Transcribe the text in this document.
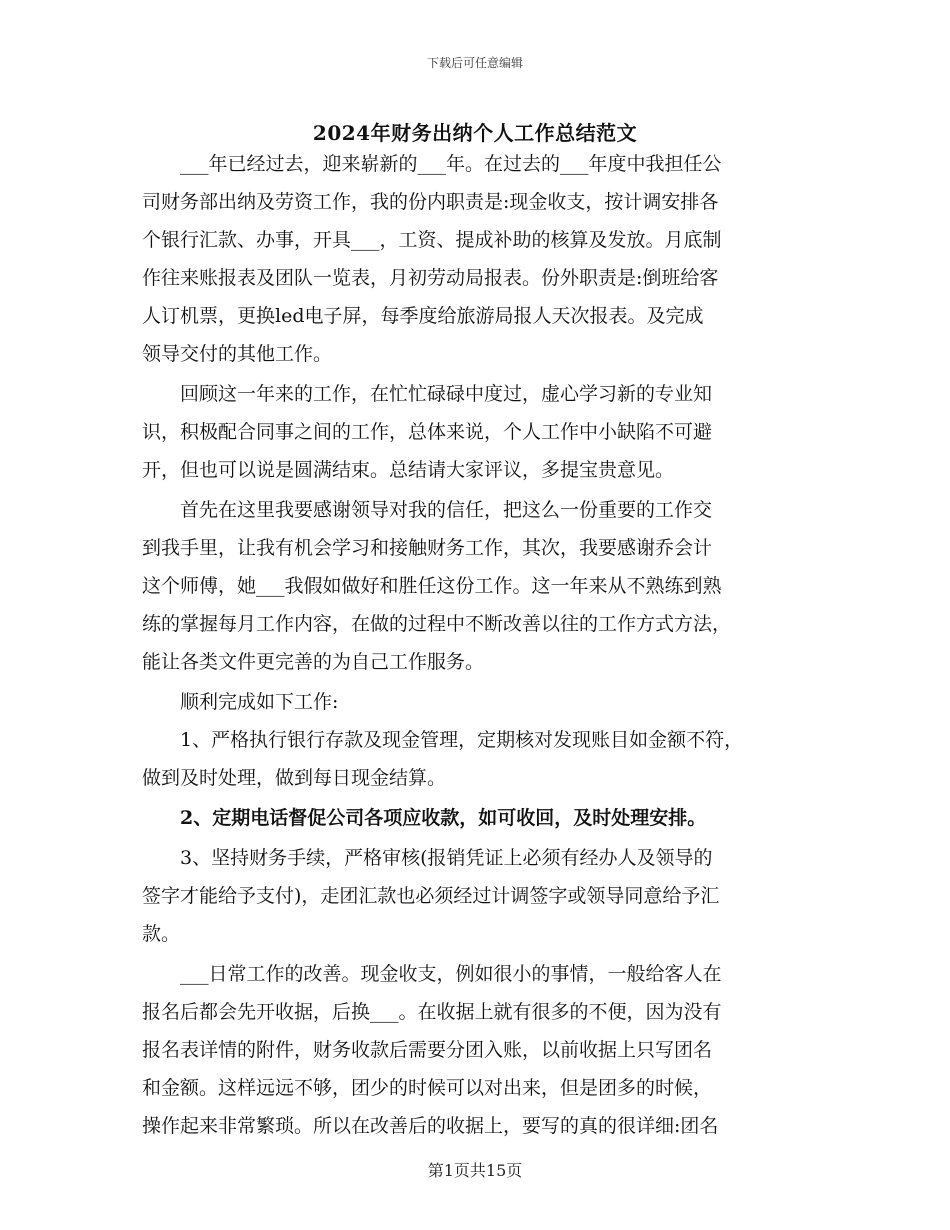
下载后可任意编辑
2024年财务出纳个人工作总结范文
　　___年已经过去，迎来崭新的___年。在过去的___年度中我担任公
司财务部出纳及劳资工作，我的份内职责是:现金收支，按计调安排各
个银行汇款、办事，开具___，工资、提成补助的核算及发放。月底制
作往来账报表及团队一览表，月初劳动局报表。份外职责是:倒班给客
人订机票，更换led电子屏，每季度给旅游局报人天次报表。及完成
领导交付的其他工作。
　　回顾这一年来的工作，在忙忙碌碌中度过，虚心学习新的专业知
识，积极配合同事之间的工作，总体来说，个人工作中小缺陷不可避
开，但也可以说是圆满结束。总结请大家评议，多提宝贵意见。
　　首先在这里我要感谢领导对我的信任，把这么一份重要的工作交
到我手里，让我有机会学习和接触财务工作，其次，我要感谢乔会计
这个师傅，她___我假如做好和胜任这份工作。这一年来从不熟练到熟
练的掌握每月工作内容，在做的过程中不断改善以往的工作方式方法，
能让各类文件更完善的为自己工作服务。
　　顺利完成如下工作:
　　1、严格执行银行存款及现金管理，定期核对发现账目如金额不符，
做到及时处理，做到每日现金结算。
　　2、定期电话督促公司各项应收款，如可收回，及时处理安排。
　　3、坚持财务手续，严格审核(报销凭证上必须有经办人及领导的
签字才能给予支付)，走团汇款也必须经过计调签字或领导同意给予汇
款。
　　___日常工作的改善。现金收支，例如很小的事情，一般给客人在
报名后都会先开收据，后换___。在收据上就有很多的不便，因为没有
报名表详情的附件，财务收款后需要分团入账，以前收据上只写团名
和金额。这样远远不够，团少的时候可以对出来，但是团多的时候，
操作起来非常繁琐。所以在改善后的收据上，要写的真的很详细:团名
第1页共15页
